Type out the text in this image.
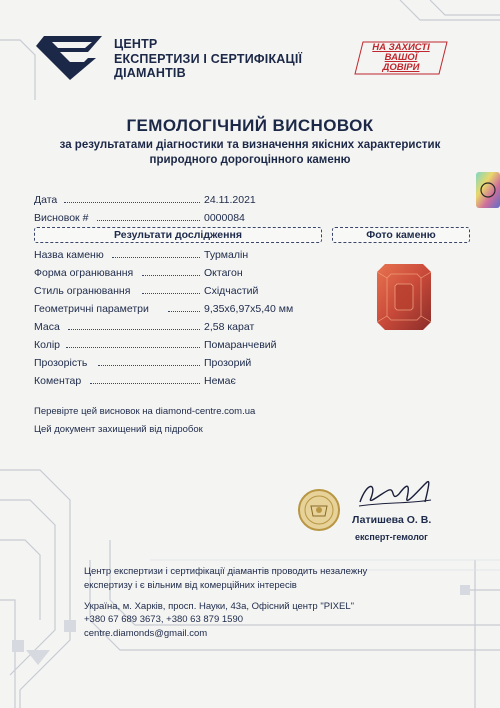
ЦЕНТР
ЕКСПЕРТИЗИ І СЕРТИФІКАЦІЇ
ДІАМАНТІВ
НА ЗАХИСТІ
ВАШОЇ
ДОВІРИ
ГЕМОЛОГІЧНИЙ ВИСНОВОК
за результатами діагностики та визначення якісних характеристик
природного дорогоцінного каменю
Дата	24.11.2021
Висновок #	0000084
Результати дослідження	Фото каменю
Назва каменю	Турмалін
Форма огранювання	Октагон
Стиль огранювання	Східчастий
Геометричні параметри	9,35х6,97х5,40 мм
Маса	2,58 карат
Колір	Помаранчевий
Прозорість	Прозорий
Коментар	Немає
Перевірте цей висновок на diamond-centre.com.ua
Цей документ захищений від підробок
Латишева О. В.
експерт-гемолог
Центр експертизи і сертифікації діамантів проводить незалежну
експертизу і є вільним від комерційних інтересів
Україна, м. Харків, просп. Науки, 43а, Офісний центр "PIXEL"
+380 67 689 3673, +380 63 879 1590
centre.diamonds@gmail.com
